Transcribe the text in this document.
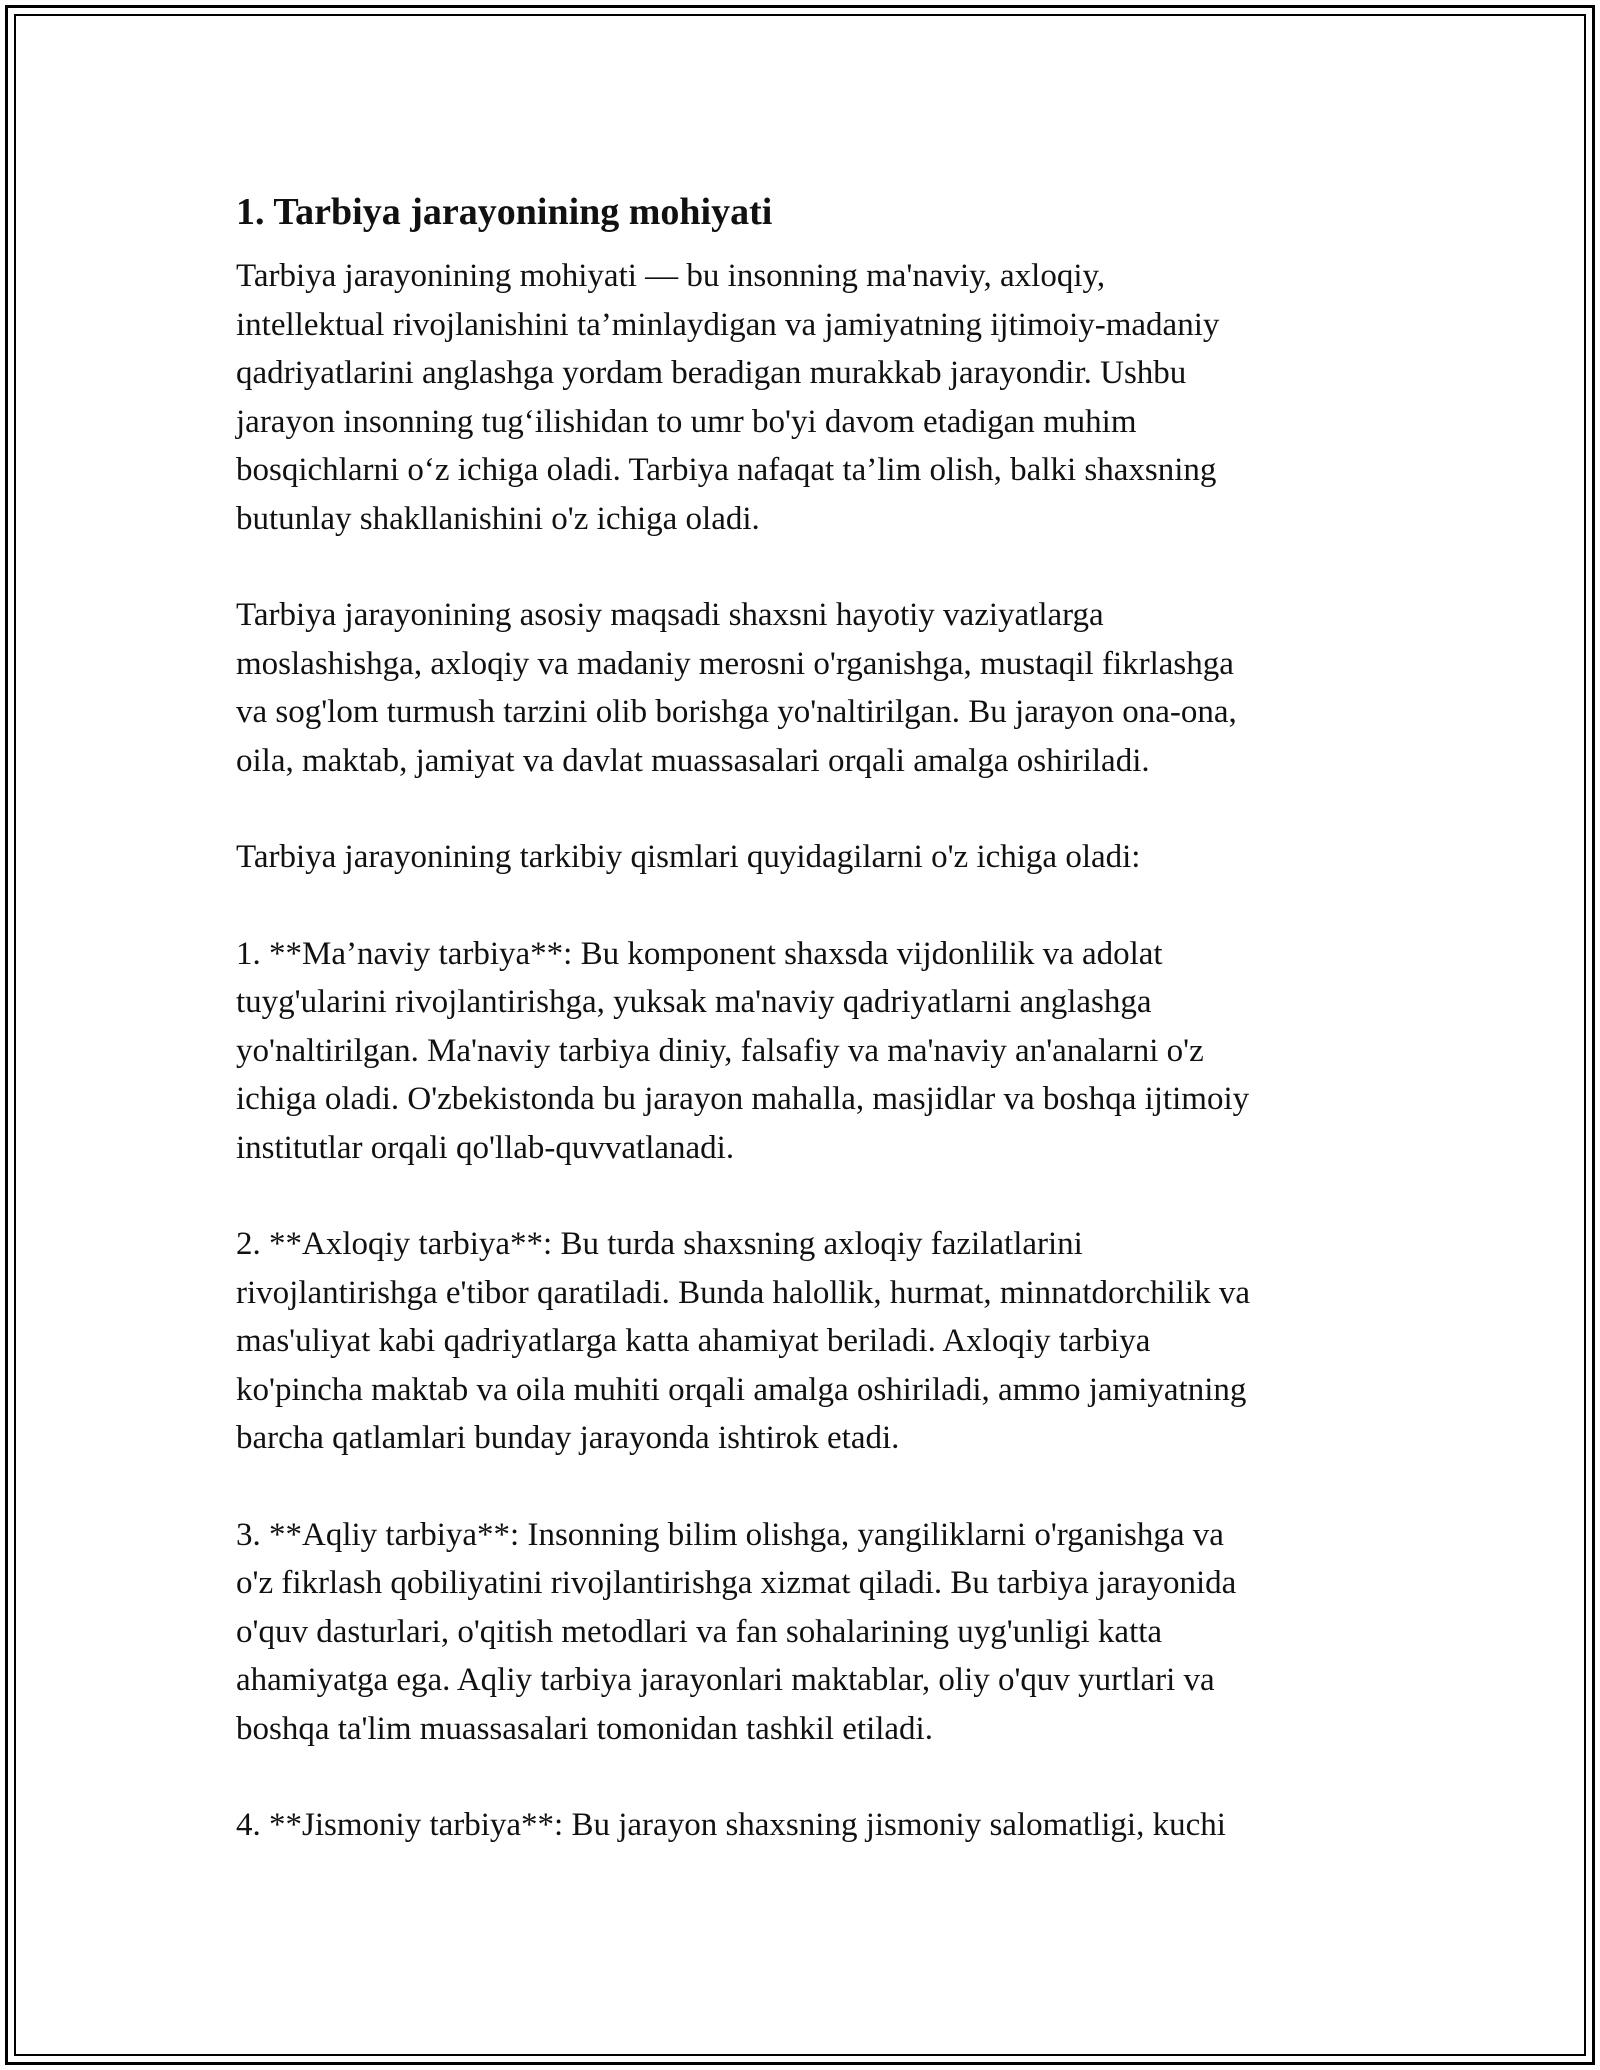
1. Tarbiya jarayonining mohiyati
Tarbiya jarayonining mohiyati — bu insonning ma'naviy, axloqiy,
intellektual rivojlanishini ta’minlaydigan va jamiyatning ijtimoiy-madaniy
qadriyatlarini anglashga yordam beradigan murakkab jarayondir. Ushbu
jarayon insonning tug‘ilishidan to umr bo'yi davom etadigan muhim
bosqichlarni o‘z ichiga oladi. Tarbiya nafaqat ta’lim olish, balki shaxsning
butunlay shakllanishini o'z ichiga oladi.
Tarbiya jarayonining asosiy maqsadi shaxsni hayotiy vaziyatlarga
moslashishga, axloqiy va madaniy merosni o'rganishga, mustaqil fikrlashga
va sog'lom turmush tarzini olib borishga yo'naltirilgan. Bu jarayon ona-ona,
oila, maktab, jamiyat va davlat muassasalari orqali amalga oshiriladi.
Tarbiya jarayonining tarkibiy qismlari quyidagilarni o'z ichiga oladi:
1. **Ma’naviy tarbiya**: Bu komponent shaxsda vijdonlilik va adolat
tuyg'ularini rivojlantirishga, yuksak ma'naviy qadriyatlarni anglashga
yo'naltirilgan. Ma'naviy tarbiya diniy, falsafiy va ma'naviy an'analarni o'z
ichiga oladi. O'zbekistonda bu jarayon mahalla, masjidlar va boshqa ijtimoiy
institutlar orqali qo'llab-quvvatlanadi.
2. **Axloqiy tarbiya**: Bu turda shaxsning axloqiy fazilatlarini
rivojlantirishga e'tibor qaratiladi. Bunda halollik, hurmat, minnatdorchilik va
mas'uliyat kabi qadriyatlarga katta ahamiyat beriladi. Axloqiy tarbiya
ko'pincha maktab va oila muhiti orqali amalga oshiriladi, ammo jamiyatning
barcha qatlamlari bunday jarayonda ishtirok etadi.
3. **Aqliy tarbiya**: Insonning bilim olishga, yangiliklarni o'rganishga va
o'z fikrlash qobiliyatini rivojlantirishga xizmat qiladi. Bu tarbiya jarayonida
o'quv dasturlari, o'qitish metodlari va fan sohalarining uyg'unligi katta
ahamiyatga ega. Aqliy tarbiya jarayonlari maktablar, oliy o'quv yurtlari va
boshqa ta'lim muassasalari tomonidan tashkil etiladi.
4. **Jismoniy tarbiya**: Bu jarayon shaxsning jismoniy salomatligi, kuchi
